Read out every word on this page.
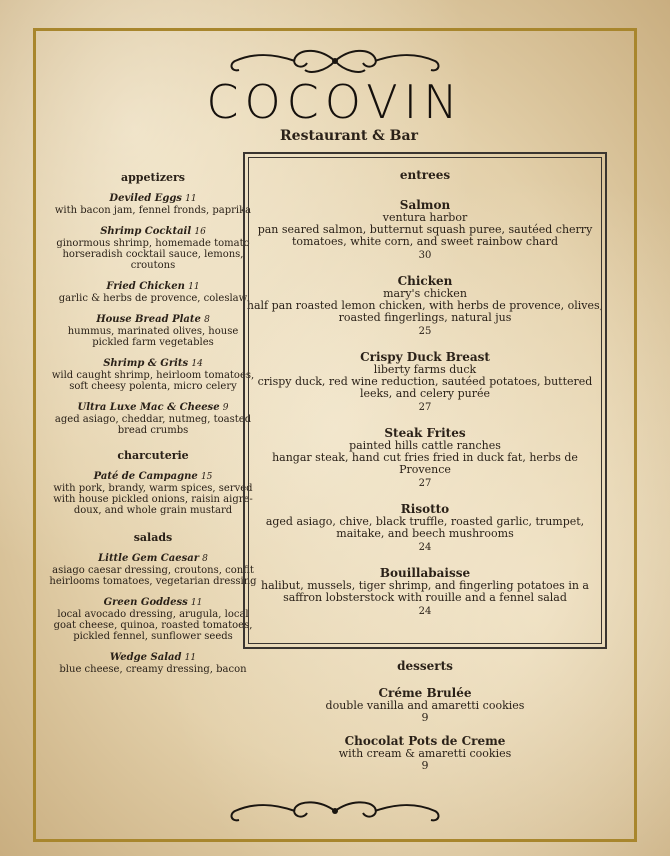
COCOVIN
Restaurant & Bar
appetizers
Deviled Eggs 11
with bacon jam, fennel fronds, paprika
Shrimp Cocktail 16
ginormous shrimp, homemade tomato horseradish cocktail sauce, lemons, croutons
Fried Chicken 11
garlic & herbs de provence, coleslaw
House Bread Plate 8
hummus, marinated olives, house pickled farm vegetables
Shrimp & Grits 14
wild caught shrimp, heirloom tomatoes, soft cheesy polenta, micro celery
Ultra Luxe Mac & Cheese 9
aged asiago, cheddar, nutmeg, toasted bread crumbs
charcuterie
Paté de Campagne 15
with pork, brandy, warm spices, served with house pickled onions, raisin aigre-doux, and whole grain mustard
salads
Little Gem Caesar 8
asiago caesar dressing, croutons, confit heirlooms tomatoes, vegetarian dressing
Green Goddess 11
local avocado dressing, arugula, local goat cheese, quinoa, roasted tomatoes, pickled fennel, sunflower seeds
Wedge Salad 11
blue cheese, creamy dressing, bacon
entrees
Salmon
ventura harbor
pan seared salmon, butternut squash puree, sautéed cherry tomatoes, white corn, and sweet rainbow chard
30
Chicken
mary's chicken
half pan roasted lemon chicken, with herbs de provence, olives, roasted fingerlings, natural jus
25
Crispy Duck Breast
liberty farms duck
crispy duck, red wine reduction, sautéed potatoes, buttered leeks, and celery purée
27
Steak Frites
painted hills cattle ranches
hangar steak, hand cut fries fried in duck fat, herbs de Provence
27
Risotto
aged asiago, chive, black truffle, roasted garlic, trumpet, maitake, and beech mushrooms
24
Bouillabaisse
halibut, mussels, tiger shrimp, and fingerling potatoes in a saffron lobsterstock with rouille and a fennel salad
24
desserts
Créme Brulée
double vanilla and amaretti cookies
9
Chocolat Pots de Creme
with cream & amaretti cookies
9
